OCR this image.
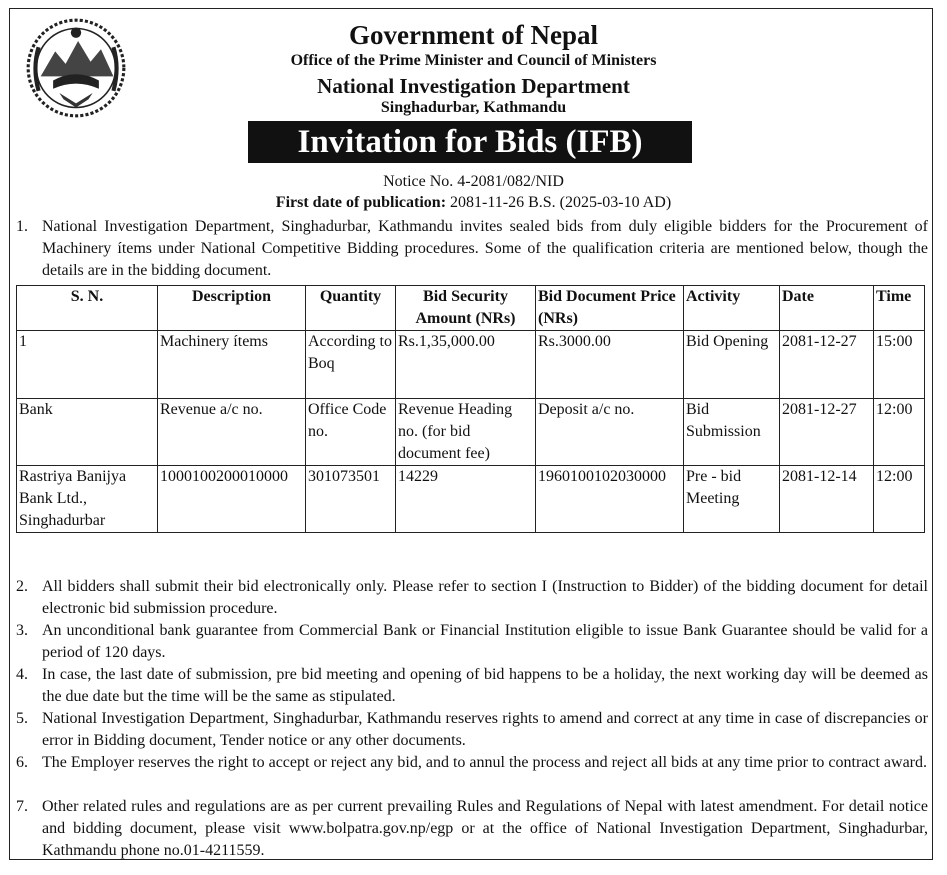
Government of Nepal
Office of the Prime Minister and Council of Ministers
National Investigation Department
Singhadurbar, Kathmandu
Invitation for Bids (IFB)
Notice No. 4-2081/082/NID
First date of publication: 2081-11-26 B.S. (2025-03-10 AD)
1. National Investigation Department, Singhadurbar, Kathmandu invites sealed bids from duly eligible bidders for the Procurement of Machinery ítems under National Competitive Bidding procedures. Some of the qualification criteria are mentioned below, though the details are in the bidding document.
S. N.	Description	Quantity	Bid Security Amount (NRs)	Bid Document Price (NRs)	Activity	Date	Time
1	Machinery ítems	According to Boq	Rs.1,35,000.00	Rs.3000.00	Bid Opening	2081-12-27	15:00
Bank	Revenue a/c no.	Office Code no.	Revenue Heading no. (for bid document fee)	Deposit a/c no.	Bid Submission	2081-12-27	12:00
Rastriya Banijya Bank Ltd., Singhadurbar	1000100200010000	301073501	14229	1960100102030000	Pre - bid Meeting	2081-12-14	12:00
2. All bidders shall submit their bid electronically only. Please refer to section I (Instruction to Bidder) of the bidding document for detail electronic bid submission procedure.
3. An unconditional bank guarantee from Commercial Bank or Financial Institution eligible to issue Bank Guarantee should be valid for a period of 120 days.
4. In case, the last date of submission, pre bid meeting and opening of bid happens to be a holiday, the next working day will be deemed as the due date but the time will be the same as stipulated.
5. National Investigation Department, Singhadurbar, Kathmandu reserves rights to amend and correct at any time in case of discrepancies or error in Bidding document, Tender notice or any other documents.
6. The Employer reserves the right to accept or reject any bid, and to annul the process and reject all bids at any time prior to contract award.
7. Other related rules and regulations are as per current prevailing Rules and Regulations of Nepal with latest amendment. For detail notice and bidding document, please visit www.bolpatra.gov.np/egp or at the office of National Investigation Department, Singhadurbar, Kathmandu phone no.01-4211559.
